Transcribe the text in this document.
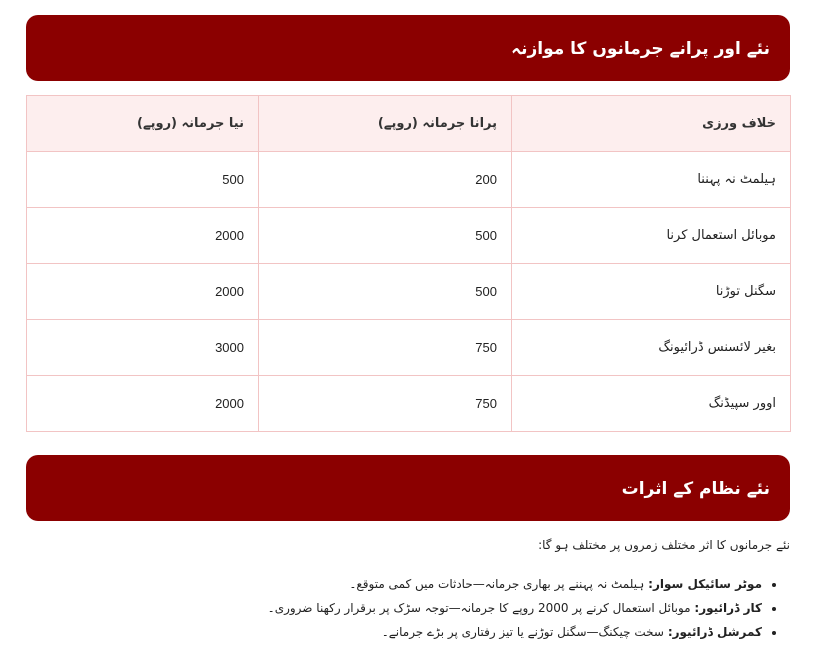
نئے اور پرانے جرمانوں کا موازنہ
خلاف ورزی	پرانا جرمانہ (روپے)	نیا جرمانہ (روپے)
ہیلمٹ نہ پہننا	200	500
موبائل استعمال کرنا	500	2000
سگنل توڑنا	500	2000
بغیر لائسنس ڈرائیونگ	750	3000
اوور سپیڈنگ	750	2000
نئے نظام کے اثرات

نئے جرمانوں کا اثر مختلف زمروں پر مختلف ہو گا:

• موٹر سائیکل سوار: ہیلمٹ نہ پہننے پر بھاری جرمانہ—حادثات میں کمی متوقع۔
• کار ڈرائیور: موبائل استعمال کرنے پر 2000 روپے کا جرمانہ—توجہ سڑک پر برقرار رکھنا ضروری۔
• کمرشل ڈرائیور: سخت چیکنگ—سگنل توڑنے یا تیز رفتاری پر بڑے جرمانے۔
